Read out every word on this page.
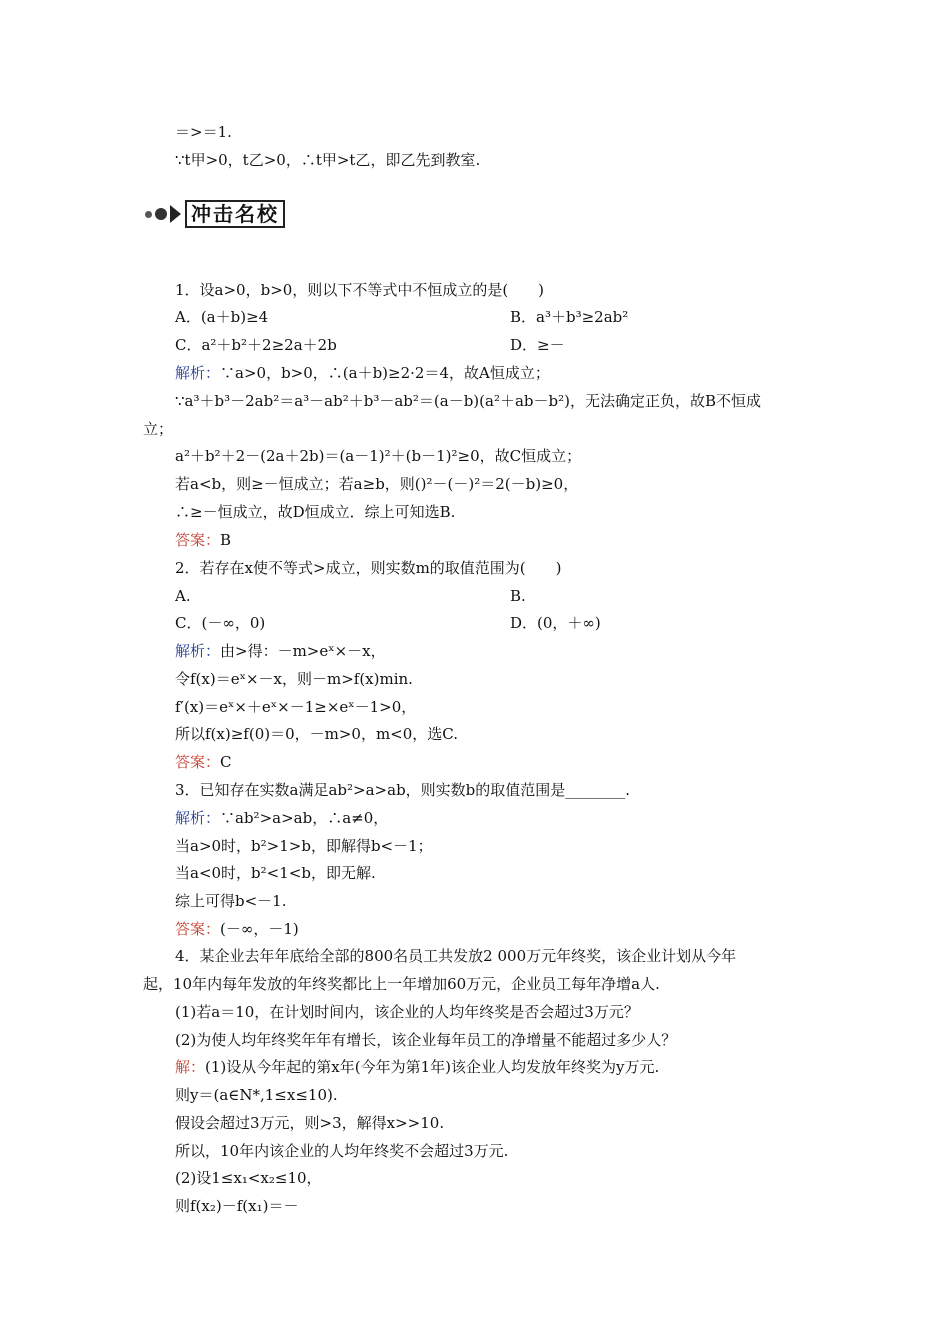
＝>＝1.
∵t甲>0，t乙>0，∴t甲>t乙，即乙先到教室.
冲击名校
1．设a>0，b>0，则以下不等式中不恒成立的是(　　)
A．(a＋b)≥4	B．a³＋b³≥2ab²
C．a²＋b²＋2≥2a＋2b	D．≥－
解析：∵a>0，b>0，∴(a＋b)≥2·2＝4，故A恒成立；
∵a³＋b³－2ab²＝a³－ab²＋b³－ab²＝(a－b)(a²＋ab－b²)，无法确定正负，故B不恒成
立；
a²＋b²＋2－(2a＋2b)＝(a－1)²＋(b－1)²≥0，故C恒成立；
若a<b，则≥－恒成立；若a≥b，则()²－(－)²＝2(－b)≥0，
∴≥－恒成立，故D恒成立．综上可知选B.
答案：B
2．若存在x使不等式>成立，则实数m的取值范围为(　　)
A.	B.
C．(－∞，0)	D．(0，＋∞)
解析：由>得：－m>eˣ×－x，
令f(x)＝eˣ×－x，则－m>f(x)min.
f′(x)＝eˣ×＋eˣ×－1≥×eˣ－1>0，
所以f(x)≥f(0)＝0，－m>0，m<0，选C.
答案：C
3．已知存在实数a满足ab²>a>ab，则实数b的取值范围是________.
解析：∵ab²>a>ab，∴a≠0，
当a>0时，b²>1>b，即解得b<－1；
当a<0时，b²<1<b，即无解.
综上可得b<－1.
答案：(－∞，－1)
4．某企业去年年底给全部的800名员工共发放2 000万元年终奖，该企业计划从今年
起，10年内每年发放的年终奖都比上一年增加60万元，企业员工每年净增a人.
(1)若a＝10，在计划时间内，该企业的人均年终奖是否会超过3万元？
(2)为使人均年终奖年年有增长，该企业每年员工的净增量不能超过多少人？
解：(1)设从今年起的第x年(今年为第1年)该企业人均发放年终奖为y万元.
则y＝(a∈N*,1≤x≤10).
假设会超过3万元，则>3，解得x>>10.
所以，10年内该企业的人均年终奖不会超过3万元.
(2)设1≤x₁<x₂≤10，
则f(x₂)－f(x₁)＝－
